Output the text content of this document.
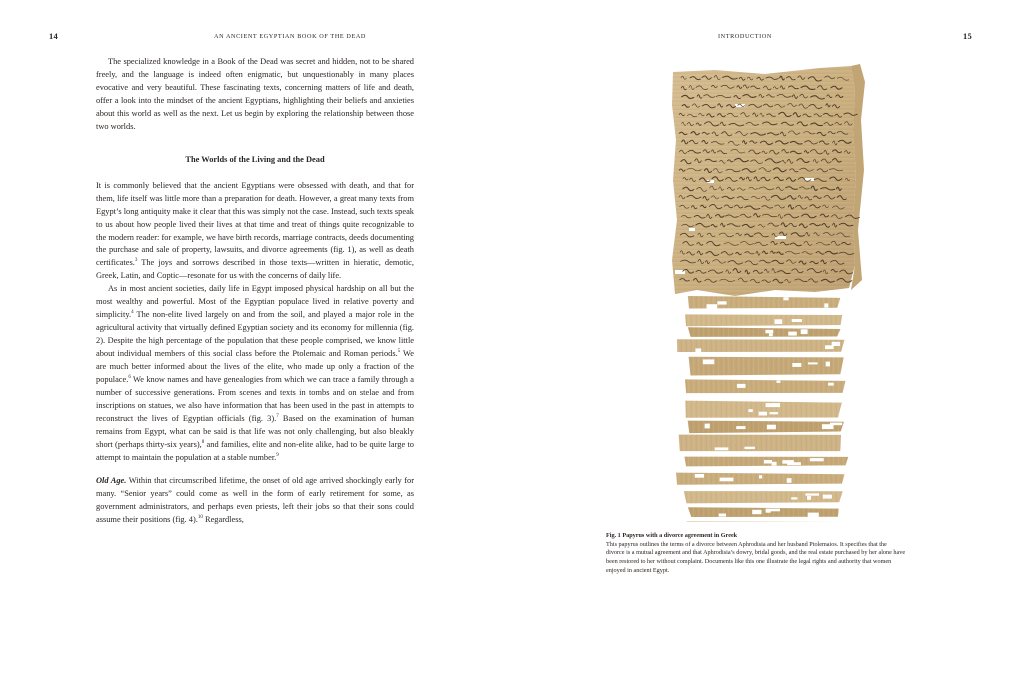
14	AN ANCIENT EGYPTIAN BOOK OF THE DEAD

The specialized knowledge in a Book of the Dead was secret and hidden, not to be shared freely, and the language is indeed often enigmatic, but unquestionably in many places evocative and very beautiful. These fascinating texts, concerning matters of life and death, offer a look into the mindset of the ancient Egyptians, highlighting their beliefs and anxieties about this world as well as the next. Let us begin by exploring the relationship between those two worlds.

The Worlds of the Living and the Dead

It is commonly believed that the ancient Egyptians were obsessed with death, and that for them, life itself was little more than a preparation for death. However, a great many texts from Egypt’s long antiquity make it clear that this was simply not the case. Instead, such texts speak to us about how people lived their lives at that time and treat of things quite recognizable to the modern reader: for example, we have birth records, marriage contracts, deeds documenting the purchase and sale of property, lawsuits, and divorce agreements (fig. 1), as well as death certificates.$^3$ The joys and sorrows described in those texts—written in hieratic, demotic, Greek, Latin, and Coptic—resonate for us with the concerns of daily life.

As in most ancient societies, daily life in Egypt imposed physical hardship on all but the most wealthy and powerful. Most of the Egyptian populace lived in relative poverty and simplicity.$^4$ The non-elite lived largely on and from the soil, and played a major role in the agricultural activity that virtually defined Egyptian society and its economy for millennia (fig. 2). Despite the high percentage of the population that these people comprised, we know little about individual members of this social class before the Ptolemaic and Roman periods.$^5$ We are much better informed about the lives of the elite, who made up only a fraction of the populace.$^6$ We know names and have genealogies from which we can trace a family through a number of successive generations. From scenes and texts in tombs and on stelae and from inscriptions on statues, we also have information that has been used in the past in attempts to reconstruct the lives of Egyptian officials (fig. 3).$^7$ Based on the examination of human remains from Egypt, what can be said is that life was not only challenging, but also bleakly short (perhaps thirty-six years),$^8$ and families, elite and non-elite alike, had to be quite large to attempt to maintain the population at a stable number.$^9$

Old Age. Within that circumscribed lifetime, the onset of old age arrived shockingly early for many. “Senior years” could come as well in the form of early retirement for some, as government administrators, and perhaps even priests, left their jobs so that their sons could assume their positions (fig. 4).$^{10}$ Regardless,

INTRODUCTION	15
Fig. 1 Papyrus with a divorce agreement in Greek
This papyrus outlines the terms of a divorce between Aphrodisia and her husband Ptolemaios. It specifies that the divorce is a mutual agreement and that Aphrodisia’s dowry, bridal goods, and the real estate purchased by her alone have been restored to her without complaint. Documents like this one illustrate the legal rights and authority that women enjoyed in ancient Egypt.
